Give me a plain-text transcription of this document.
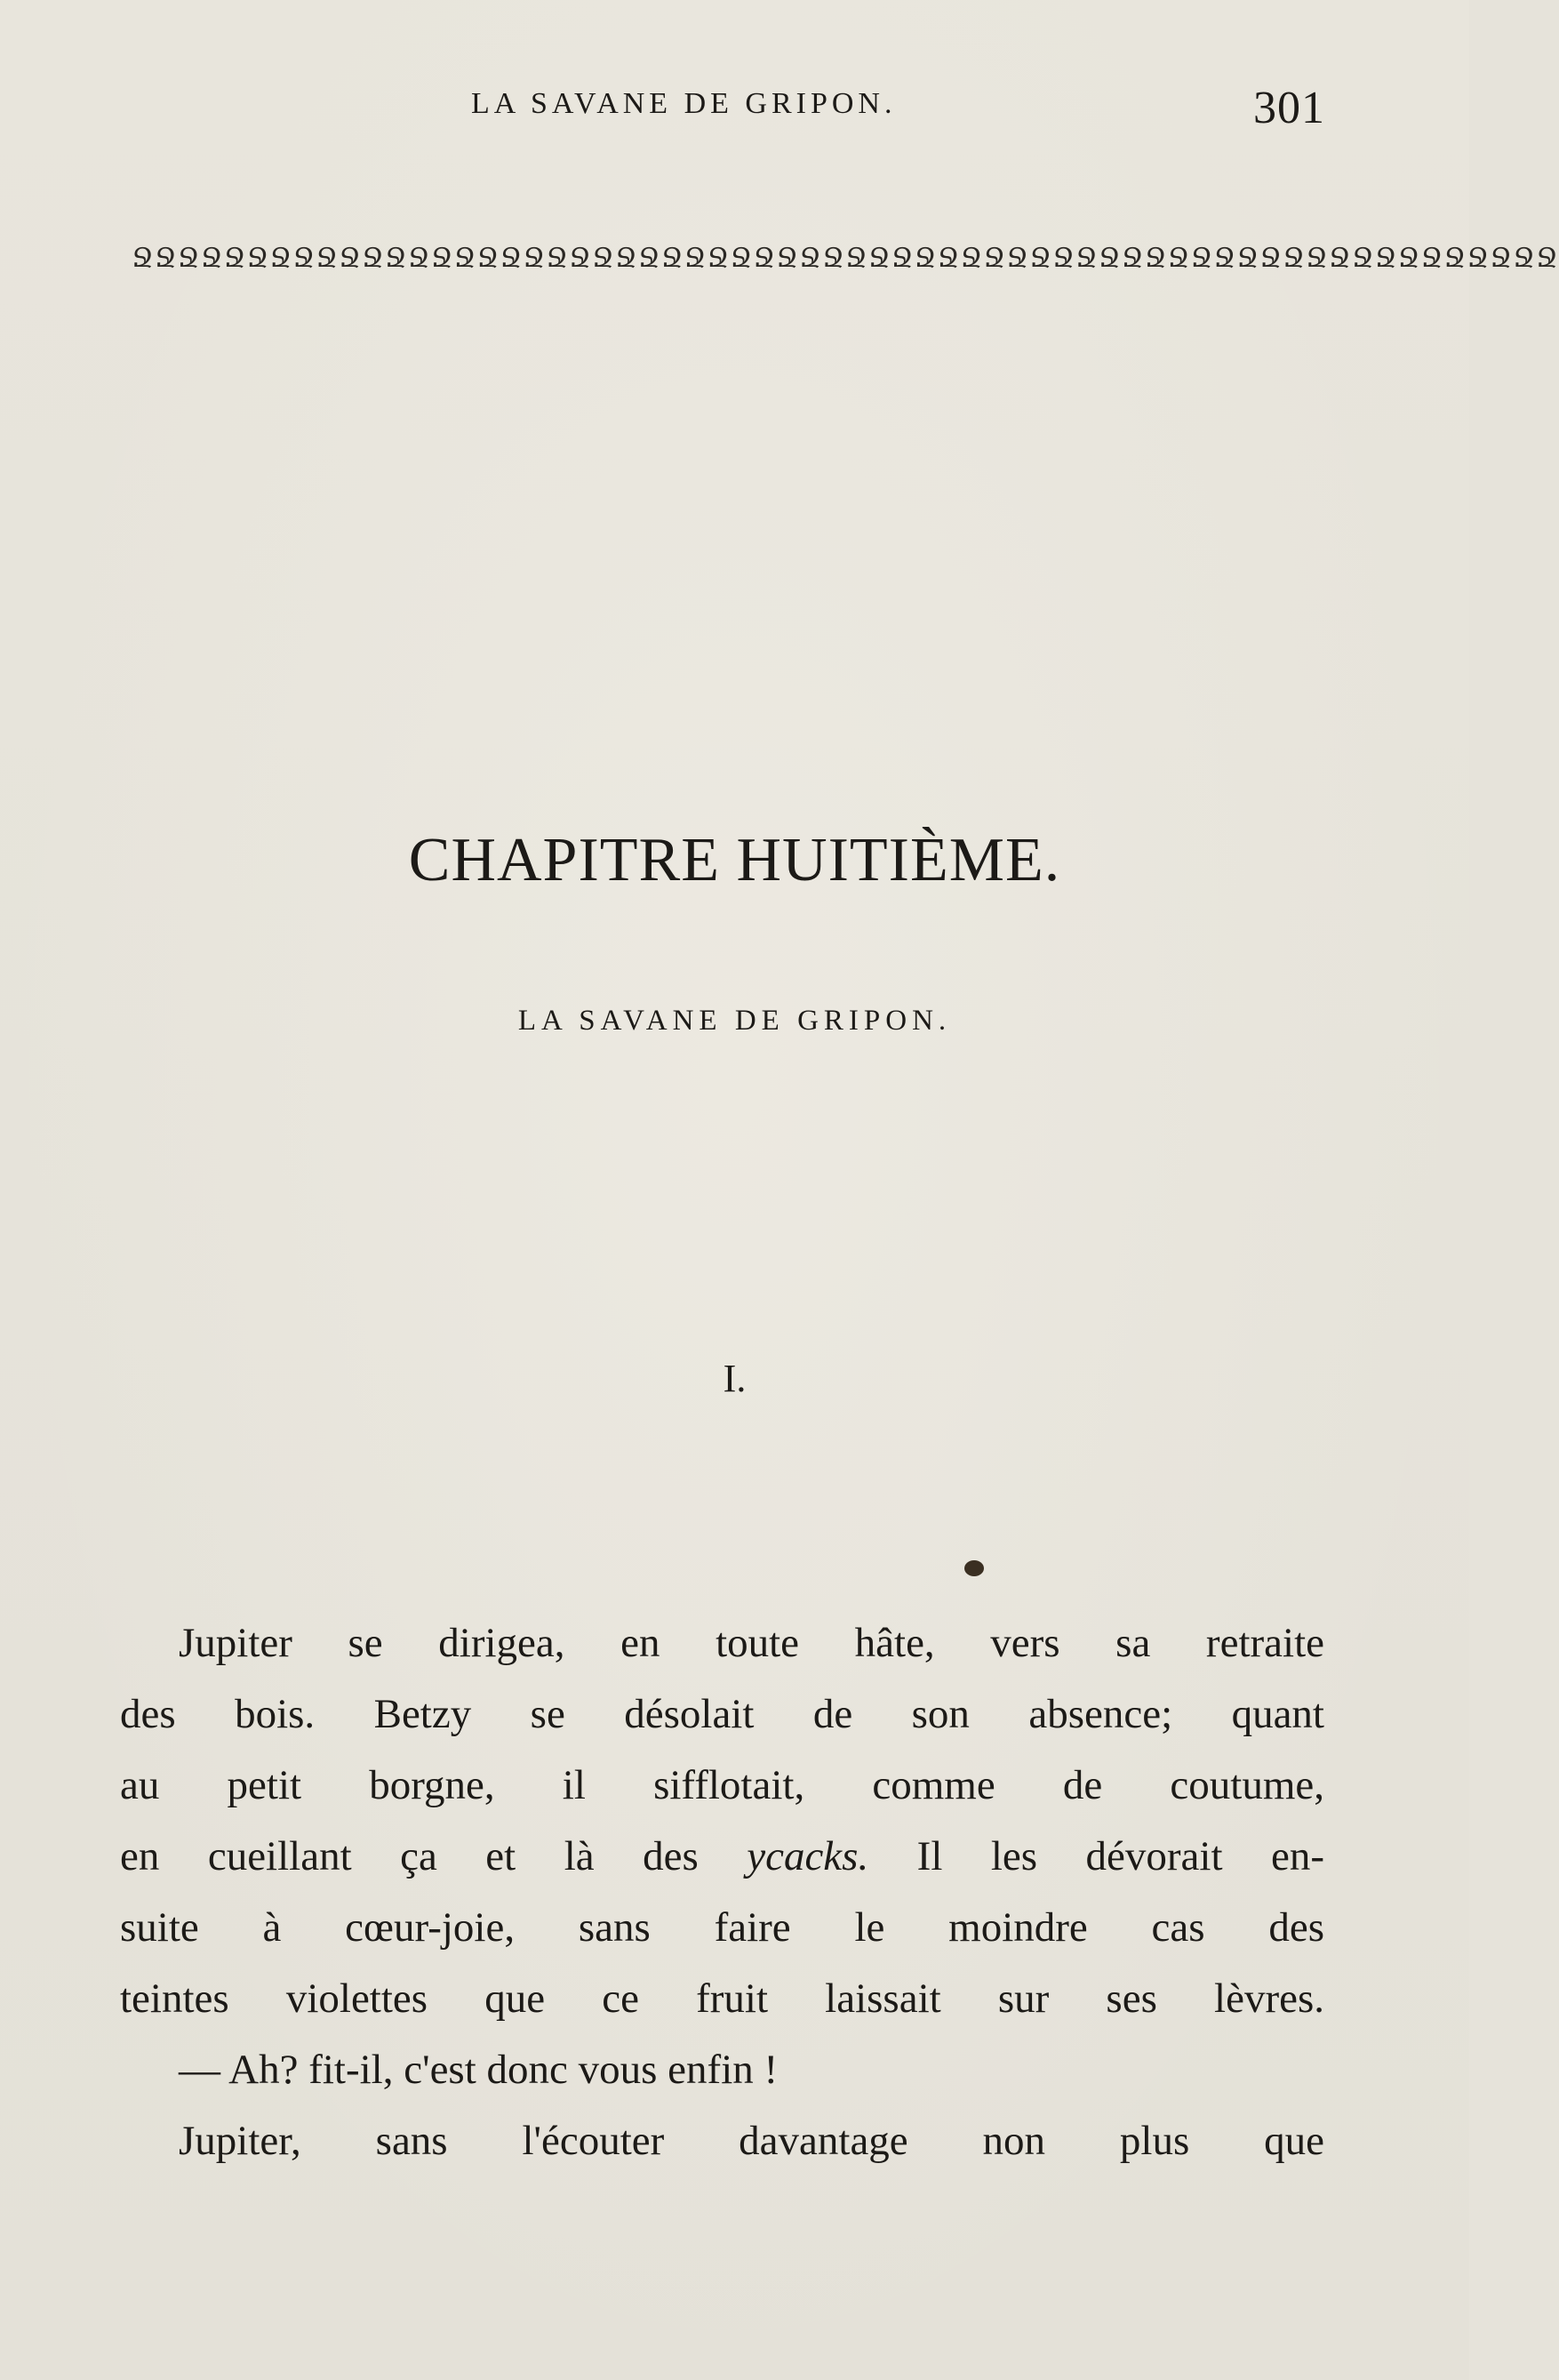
LA SAVANE DE GRIPON.	301
ՋՋՋՋՋՋՋՋՋՋՋՋՋՋՋՋՋՋՋՋՋՋՋՋՋՋՋՋՋՋՋՋՋՋՋՋՋՋՋՋՋՋՋՋՋՋՋՋՋՋՋՋՋՋՋՋՋՋՋՋՋՋ
CHAPITRE HUITIÈME.
LA SAVANE DE GRIPON.
I.
Jupiter se dirigea, en toute hâte, vers sa retraite
des bois. Betzy se désolait de son absence; quant
au petit borgne, il sifflotait, comme de coutume,
en cueillant ça et là des ycacks. Il les dévorait en-
suite à cœur-joie, sans faire le moindre cas des
teintes violettes que ce fruit laissait sur ses lèvres.
— Ah? fit-il, c'est donc vous enfin !
Jupiter, sans l'écouter davantage non plus que
